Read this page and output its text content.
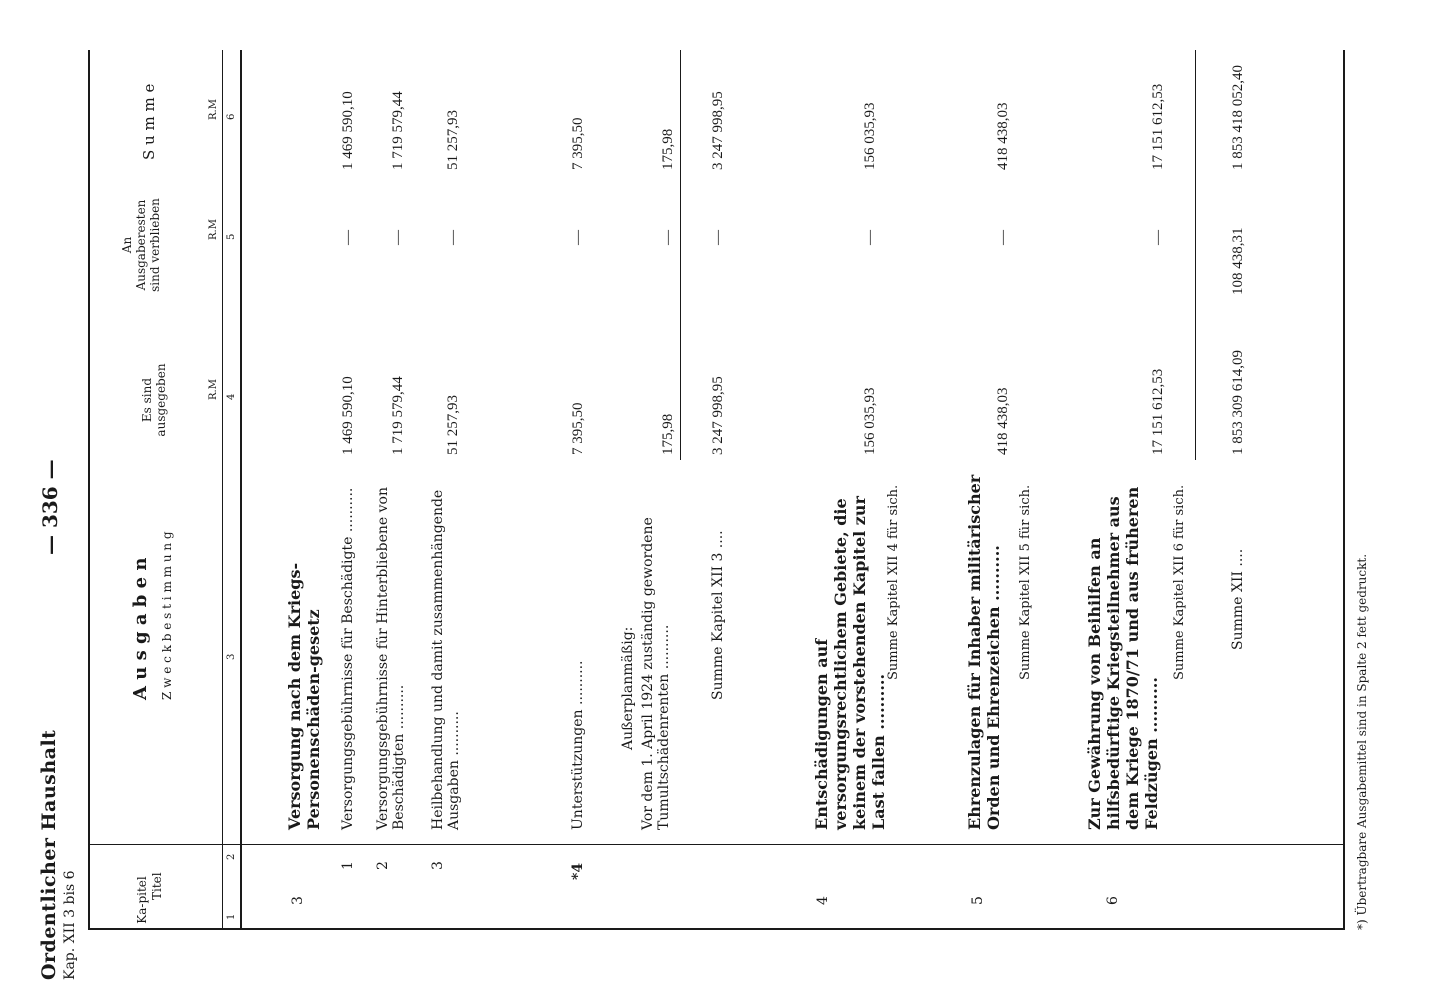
Ordentlicher Haushalt Kap. XII 3 bis 6
— 336 —
Ka-pitel Titel
A u s g a b e n Z w e c k b e s t i m m u n g
Es sind ausgegeben
An Ausgaberesten sind verblieben
S u m m e
R.M
R.M
R.M
1
2
3
4
5
6
3
Versorgung nach dem Kriegs-Personenschäden-gesetz
1
Versorgungsgebührnisse für Beschädigte ..........
1 469 590,10
—
1 469 590,10
2
Versorgungsgebührnisse für Hinterbliebene von Beschädigten ..........
1 719 579,44
—
1 719 579,44
3
Heilbehandlung und damit zusammenhängende Ausgaben ..........
51 257,93
—
51 257,93
*4
Unterstützungen ..........
7 395,50
—
7 395,50
Außerplanmäßig: Vor dem 1. April 1924 zuständig gewordene Tumultschädenrenten ..........
175,98
—
175,98
Summe Kapitel XII 3 ....
3 247 998,95
—
3 247 998,95
4
Entschädigungen auf versorgungsrechtlichem Gebiete, die keinem der vorstehenden Kapitel zur Last fallen ..........
156 035,93
—
156 035,93
Summe Kapitel XII 4 für sich.
5
Ehrenzulagen für Inhaber militärischer Orden und Ehrenzeichen ..........
418 438,03
—
418 438,03
Summe Kapitel XII 5 für sich.
6
Zur Gewährung von Beihilfen an hilfsbedürftige Kriegsteilnehmer aus dem Kriege 1870/71 und aus früheren Feldzügen ..........
17 151 612,53
—
17 151 612,53
Summe Kapitel XII 6 für sich.	Summe XII ....
1 853 309 614,09
108 438,31
1 853 418 052,40
*) Übertragbare Ausgabemittel sind in Spalte 2 fett gedruckt.
